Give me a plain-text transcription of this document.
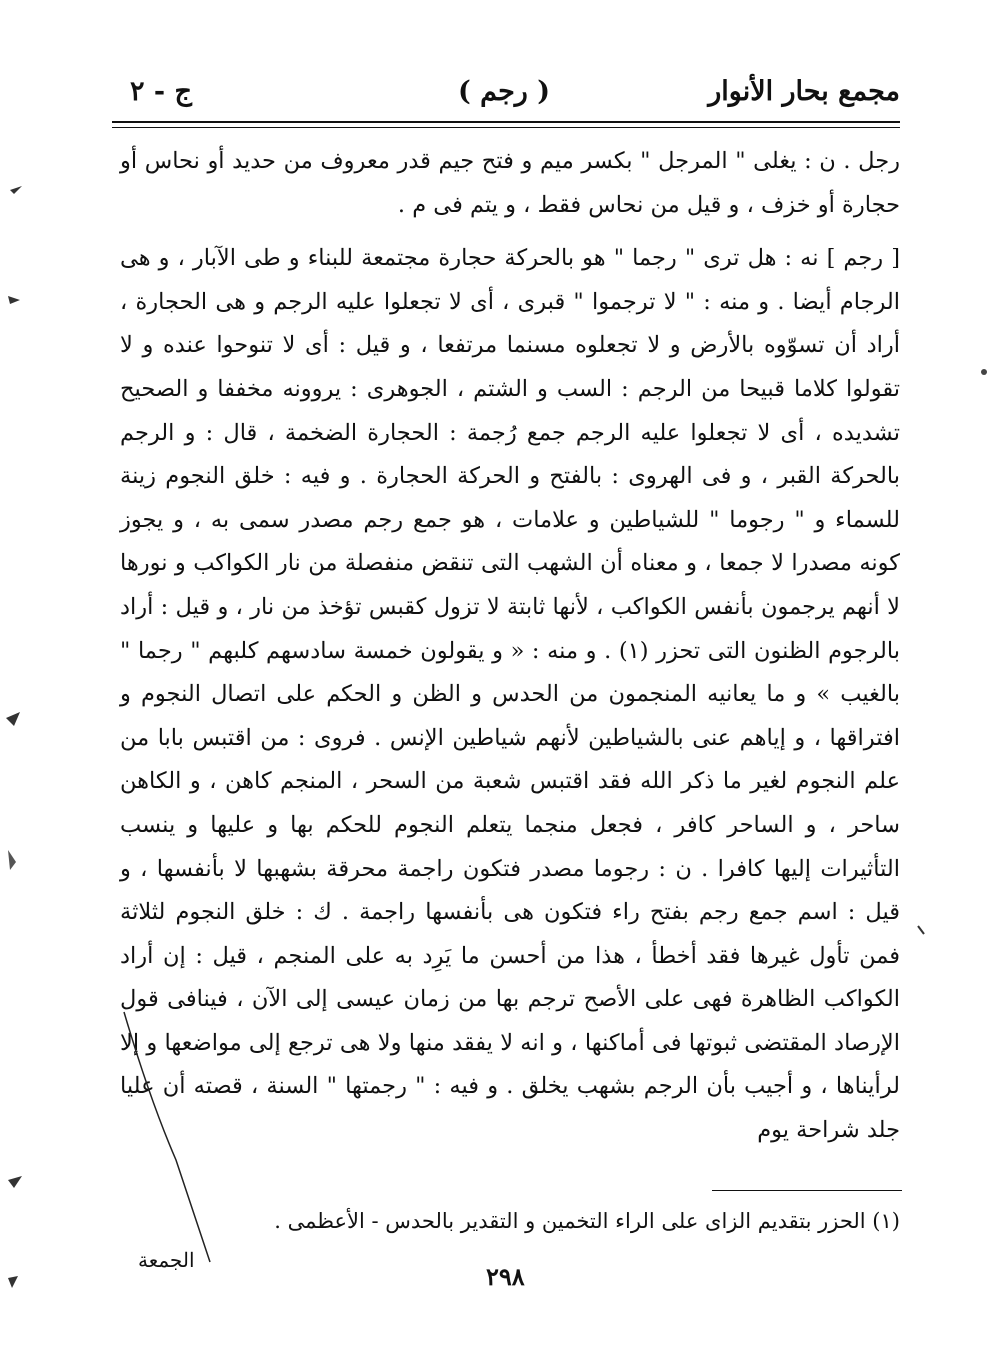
مجمع بحار الأنوار
( رجم )
ج - ٢

رجل . ن : يغلى " المرجل " بكسر ميم و فتح جيم قدر معروف من حديد أو نحاس أو حجارة أو خزف ، و قيل من نحاس فقط ، و يتم فى م .

[ رجم ] نه : هل ترى " رجما " هو بالحركة حجارة مجتمعة للبناء و طى الآبار ، و هى الرجام أيضا . و منه : " لا ترجموا " قبرى ، أى لا تجعلوا عليه الرجم و هى الحجارة ، أراد أن تسوّوه بالأرض و لا تجعلوه مسنما مرتفعا ، و قيل : أى لا تنوحوا عنده و لا تقولوا كلاما قبيحا من الرجم : السب و الشتم ، الجوهرى : يروونه مخففا و الصحيح تشديده ، أى لا تجعلوا عليه الرجم جمع رُجمة : الحجارة الضخمة ، قال : و الرجم بالحركة القبر ، و فى الهروى : بالفتح و الحركة الحجارة . و فيه : خلق النجوم زينة للسماء و " رجوما " للشياطين و علامات ، هو جمع رجم مصدر سمى به ، و يجوز كونه مصدرا لا جمعا ، و معناه أن الشهب التى تنقض منفصلة من نار الكواكب و نورها لا أنهم يرجمون بأنفس الكواكب ، لأنها ثابتة لا تزول كقبس تؤخذ من نار ، و قيل : أراد بالرجوم الظنون التى تحزر (١) . و منه : « و يقولون خمسة سادسهم كلبهم " رجما " بالغيب » و ما يعانيه المنجمون من الحدس و الظن و الحكم على اتصال النجوم و افتراقها ، و إياهم عنى بالشياطين لأنهم شياطين الإنس . فروى : من اقتبس بابا من علم النجوم لغير ما ذكر الله فقد اقتبس شعبة من السحر ، المنجم كاهن ، و الكاهن ساحر ، و الساحر كافر ، فجعل منجما يتعلم النجوم للحكم بها و عليها و ينسب التأثيرات إليها كافرا . ن : رجوما مصدر فتكون راجمة محرقة بشهبها لا بأنفسها ، و قيل : اسم جمع رجم بفتح راء فتكون هى بأنفسها راجمة . ك : خلق النجوم لثلاثة فمن تأول غيرها فقد أخطأ ، هذا من أحسن ما يَرِد به على المنجم ، قيل : إن أراد الكواكب الظاهرة فهى على الأصح ترجم بها من زمان عيسى إلى الآن ، فينافى قول الإرصاد المقتضى ثبوتها فى أماكنها ، و انه لا يفقد منها ولا هى ترجع إلى مواضعها و إلا لرأيناها ، و أجيب بأن الرجم بشهب يخلق . و فيه : " رجمتها " السنة ، قصته أن عليا جلد شراحة يوم

(١) الحزر بتقديم الزاى على الراء التخمين و التقدير بالحدس - الأعظمى .
الجمعة
٢٩٨
